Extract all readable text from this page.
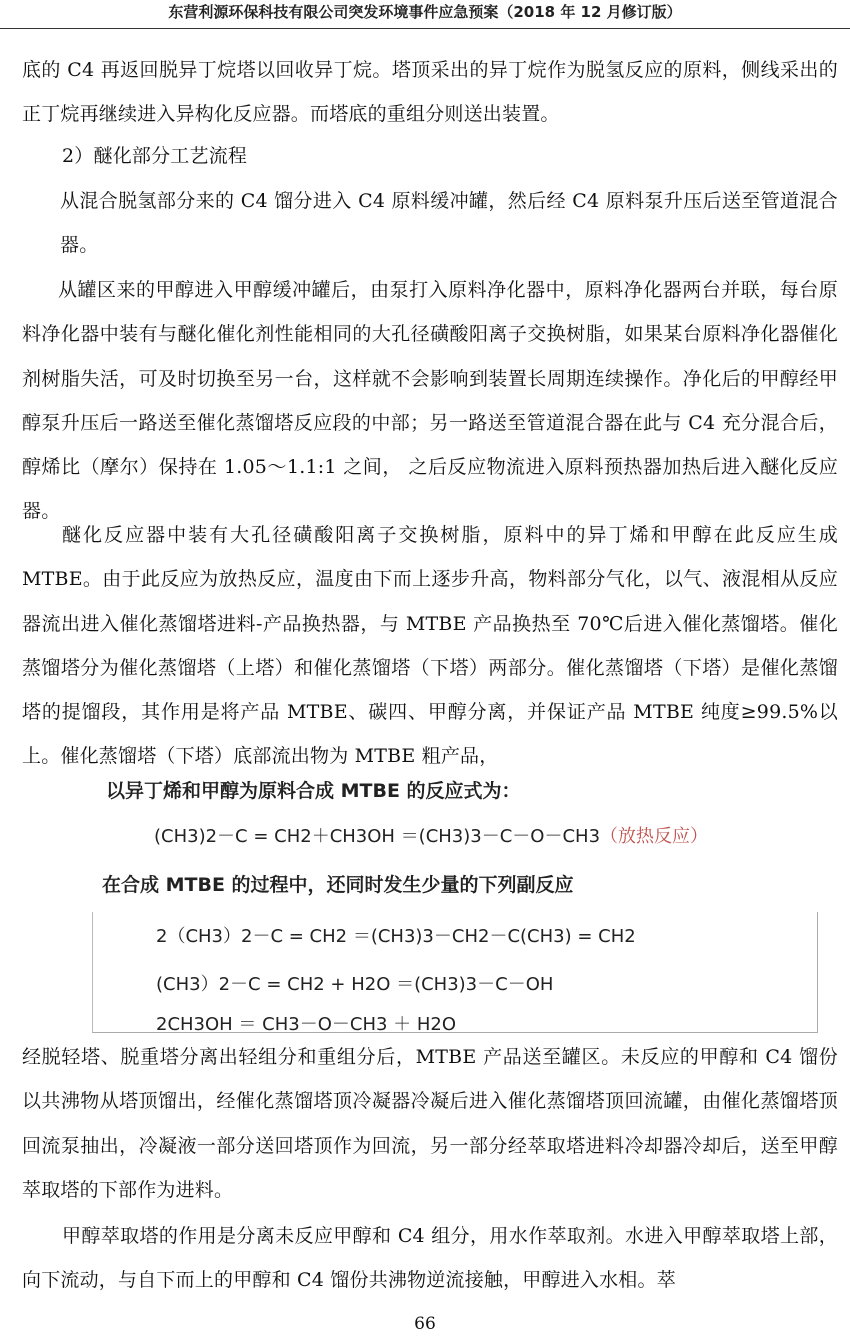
东营利源环保科技有限公司突发环境事件应急预案（2018 年 12 月修订版）
底的 C4 再返回脱异丁烷塔以回收异丁烷。塔顶采出的异丁烷作为脱氢反应的原料，侧线采出的正丁烷再继续进入异构化反应器。而塔底的重组分则送出装置。
2）醚化部分工艺流程
从混合脱氢部分来的 C4 馏分进入 C4 原料缓冲罐，然后经 C4 原料泵升压后送至管道混合器。
从罐区来的甲醇进入甲醇缓冲罐后，由泵打入原料净化器中，原料净化器两台并联，每台原料净化器中装有与醚化催化剂性能相同的大孔径磺酸阳离子交换树脂，如果某台原料净化器催化剂树脂失活，可及时切换至另一台，这样就不会影响到装置长周期连续操作。净化后的甲醇经甲醇泵升压后一路送至催化蒸馏塔反应段的中部；另一路送至管道混合器在此与 C4 充分混合后，醇烯比（摩尔）保持在 1.05～1.1:1 之间， 之后反应物流进入原料预热器加热后进入醚化反应器。
醚化反应器中装有大孔径磺酸阳离子交换树脂，原料中的异丁烯和甲醇在此反应生成 MTBE。由于此反应为放热反应，温度由下而上逐步升高，物料部分气化，以气、液混相从反应器流出进入催化蒸馏塔进料-产品换热器，与 MTBE 产品换热至 70℃后进入催化蒸馏塔。催化蒸馏塔分为催化蒸馏塔（上塔）和催化蒸馏塔（下塔）两部分。催化蒸馏塔（下塔）是催化蒸馏塔的提馏段，其作用是将产品 MTBE、碳四、甲醇分离，并保证产品 MTBE 纯度≥99.5%以上。催化蒸馏塔（下塔）底部流出物为 MTBE 粗产品，
以异丁烯和甲醇为原料合成 MTBE 的反应式为：
(CH3)2－C = CH2＋CH3OH ＝(CH3)3－C－O－CH3（放热反应）
在合成 MTBE 的过程中，还同时发生少量的下列副反应
2（CH3）2－C = CH2 ＝(CH3)3－CH2－C(CH3) = CH2
(CH3）2－C = CH2 + H2O ＝(CH3)3－C－OH
2CH3OH ＝ CH3－O－CH3 ＋ H2O
经脱轻塔、脱重塔分离出轻组分和重组分后，MTBE 产品送至罐区。未反应的甲醇和 C4 馏份以共沸物从塔顶馏出，经催化蒸馏塔顶冷凝器冷凝后进入催化蒸馏塔顶回流罐，由催化蒸馏塔顶回流泵抽出，冷凝液一部分送回塔顶作为回流，另一部分经萃取塔进料冷却器冷却后，送至甲醇萃取塔的下部作为进料。
甲醇萃取塔的作用是分离未反应甲醇和 C4 组分，用水作萃取剂。水进入甲醇萃取塔上部，向下流动，与自下而上的甲醇和 C4 馏份共沸物逆流接触，甲醇进入水相。萃
66
